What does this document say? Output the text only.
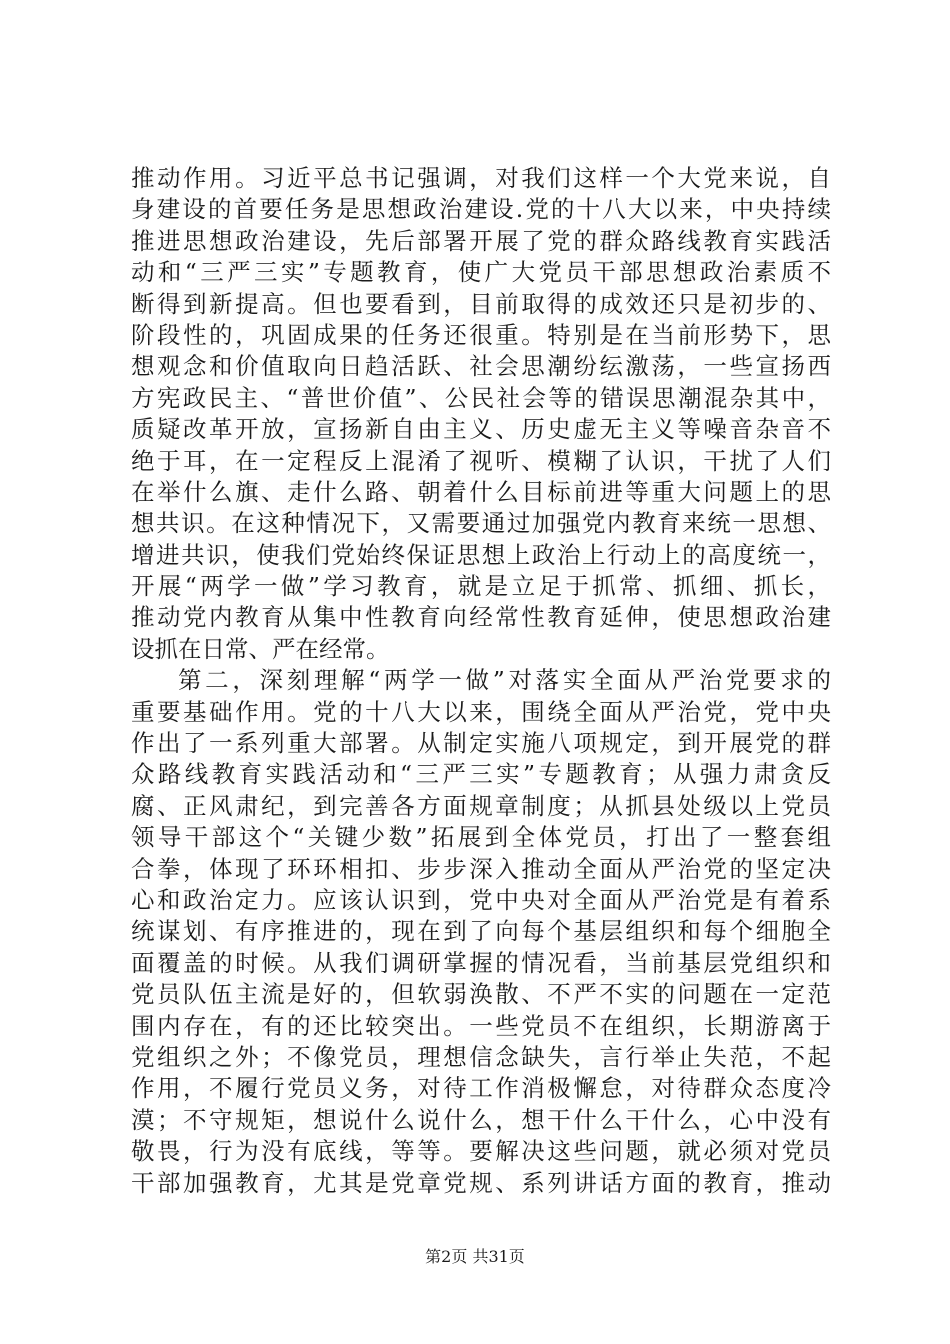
推动作用。习近平总书记强调，对我们这样一个大党来说，自
身建设的首要任务是思想政治建设.党的十八大以来，中央持续
推进思想政治建设，先后部署开展了党的群众路线教育实践活
动和“三严三实”专题教育，使广大党员干部思想政治素质不
断得到新提高。但也要看到，目前取得的成效还只是初步的、
阶段性的，巩固成果的任务还很重。特别是在当前形势下，思
想观念和价值取向日趋活跃、社会思潮纷纭激荡，一些宣扬西
方宪政民主、“普世价值”、公民社会等的错误思潮混杂其中，
质疑改革开放，宣扬新自由主义、历史虚无主义等噪音杂音不
绝于耳，在一定程反上混淆了视听、模糊了认识，干扰了人们
在举什么旗、走什么路、朝着什么目标前进等重大问题上的思
想共识。在这种情况下，又需要通过加强党内教育来统一思想、
增进共识，使我们党始终保证思想上政治上行动上的高度统一，
开展“两学一做”学习教育，就是立足于抓常、抓细、抓长，
推动党内教育从集中性教育向经常性教育延伸，使思想政治建
设抓在日常、严在经常。
第二，深刻理解“两学一做”对落实全面从严治党要求的
重要基础作用。党的十八大以来，围绕全面从严治党，党中央
作出了一系列重大部署。从制定实施八项规定，到开展党的群
众路线教育实践活动和“三严三实”专题教育；从强力肃贪反
腐、正风肃纪，到完善各方面规章制度；从抓县处级以上党员
领导干部这个“关键少数”拓展到全体党员，打出了一整套组
合拳，体现了环环相扣、步步深入推动全面从严治党的坚定决
心和政治定力。应该认识到，党中央对全面从严治党是有着系
统谋划、有序推进的，现在到了向每个基层组织和每个细胞全
面覆盖的时候。从我们调研掌握的情况看，当前基层党组织和
党员队伍主流是好的，但软弱涣散、不严不实的问题在一定范
围内存在，有的还比较突出。一些党员不在组织，长期游离于
党组织之外；不像党员，理想信念缺失，言行举止失范，不起
作用，不履行党员义务，对待工作消极懈怠，对待群众态度冷
漠；不守规矩，想说什么说什么，想干什么干什么，心中没有
敬畏，行为没有底线，等等。要解决这些问题，就必须对党员
干部加强教育，尤其是党章党规、系列讲话方面的教育，推动
第2页 共31页
